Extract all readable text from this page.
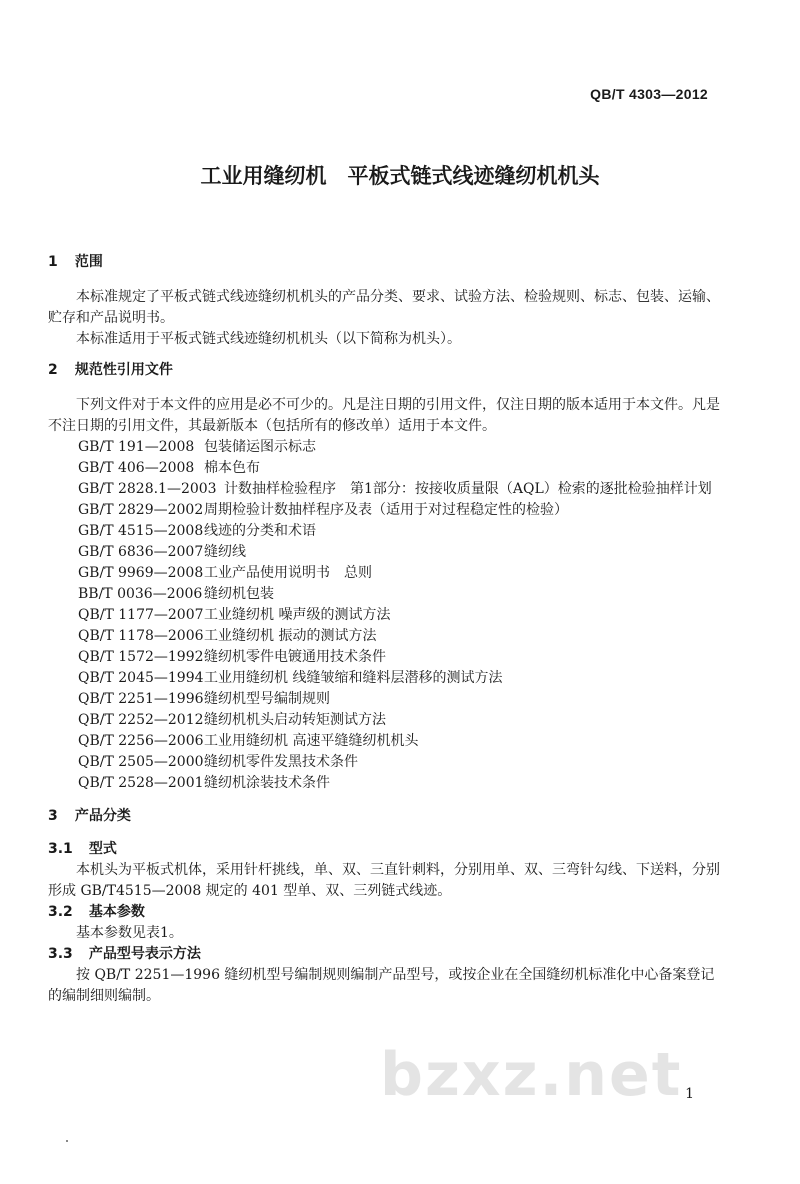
QB/T 4303—2012
工业用缝纫机　平板式链式线迹缝纫机机头
1 范围

本标准规定了平板式链式线迹缝纫机机头的产品分类、要求、试验方法、检验规则、标志、包装、运输、贮存和产品说明书。

本标准适用于平板式链式线迹缝纫机机头（以下简称为机头）。

2 规范性引用文件

下列文件对于本文件的应用是必不可少的。凡是注日期的引用文件，仅注日期的版本适用于本文件。凡是不注日期的引用文件，其最新版本（包括所有的修改单）适用于本文件。

GB/T 191—2008 包装储运图示标志
GB/T 406—2008 棉本色布
GB/T 2828.1—2003 计数抽样检验程序　第1部分：按接收质量限（AQL）检索的逐批检验抽样计划
GB/T 2829—2002 周期检验计数抽样程序及表（适用于对过程稳定性的检验）
GB/T 4515—2008 线迹的分类和术语
GB/T 6836—2007 缝纫线
GB/T 9969—2008 工业产品使用说明书　总则
BB/T 0036—2006 缝纫机包装
QB/T 1177—2007 工业缝纫机 噪声级的测试方法
QB/T 1178—2006 工业缝纫机 振动的测试方法
QB/T 1572—1992 缝纫机零件电镀通用技术条件
QB/T 2045—1994 工业用缝纫机 线缝皱缩和缝料层潜移的测试方法
QB/T 2251—1996 缝纫机型号编制规则
QB/T 2252—2012 缝纫机机头启动转矩测试方法
QB/T 2256—2006 工业用缝纫机 高速平缝缝纫机机头
QB/T 2505—2000 缝纫机零件发黑技术条件
QB/T 2528—2001 缝纫机涂装技术条件
3 产品分类
3.1 型式

本机头为平板式机体，采用针杆挑线，单、双、三直针刺料，分别用单、双、三弯针勾线、下送料，分别形成 GB/T4515—2008 规定的 401 型单、双、三列链式线迹。

3.2 基本参数

基本参数见表1。

3.3 产品型号表示方法

按 QB/T 2251—1996 缝纫机型号编制规则编制产品型号，或按企业在全国缝纫机标准化中心备案登记的编制细则编制。

bzxz.net 1
